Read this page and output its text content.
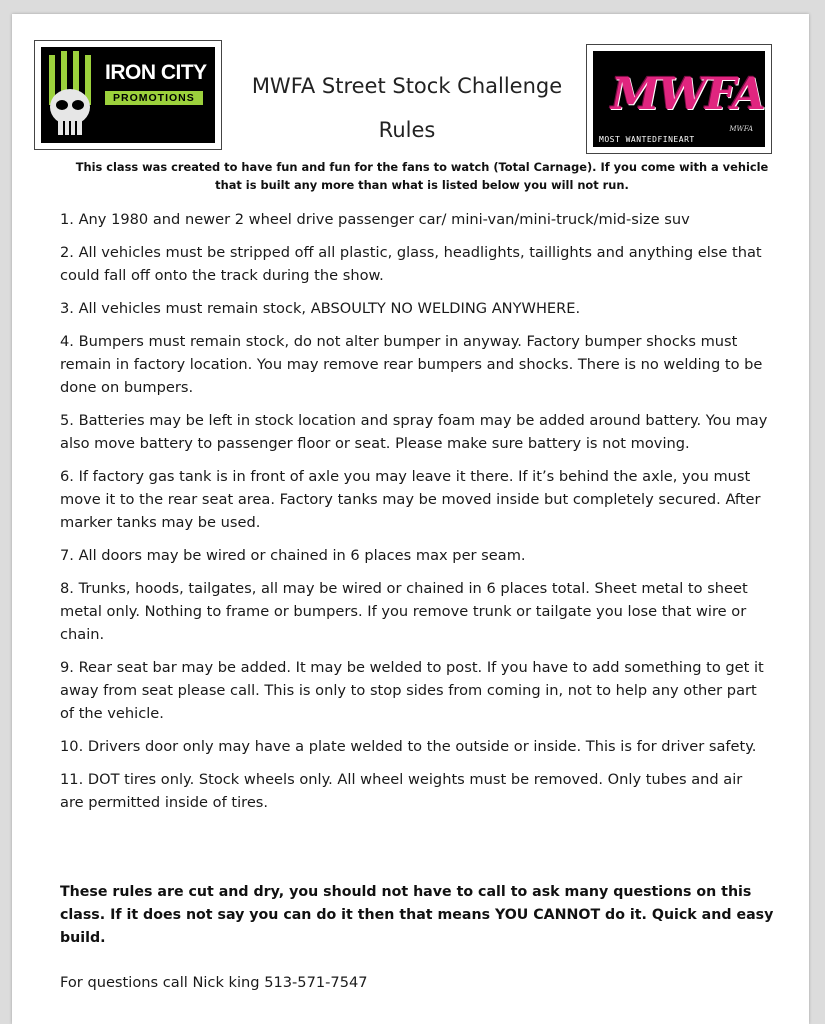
IRON CITY
PROMOTIONS	MWFA Street Stock Challenge
Rules
MWFA
MWFA
MOST WANTEDFINEART
This class was created to have fun and fun for the fans to watch (Total Carnage). If you come with a vehicle that is built any more than what is listed below you will not run.

1. Any 1980 and newer 2 wheel drive passenger car/ mini-van/mini-truck/mid-size suv

2. All vehicles must be stripped off all plastic, glass, headlights, taillights and anything else that could fall off onto the track during the show.

3. All vehicles must remain stock, ABSOULTY NO WELDING ANYWHERE.

4. Bumpers must remain stock, do not alter bumper in anyway. Factory bumper shocks must remain in factory location. You may remove rear bumpers and shocks. There is no welding to be done on bumpers.

5. Batteries may be left in stock location and spray foam may be added around battery. You may also move battery to passenger floor or seat. Please make sure battery is not moving.

6. If factory gas tank is in front of axle you may leave it there. If it’s behind the axle, you must move it to the rear seat area. Factory tanks may be moved inside but completely secured. After marker tanks may be used.

7. All doors may be wired or chained in 6 places max per seam.

8. Trunks, hoods, tailgates, all may be wired or chained in 6 places total. Sheet metal to sheet metal only. Nothing to frame or bumpers. If you remove trunk or tailgate you lose that wire or chain.

9. Rear seat bar may be added. It may be welded to post. If you have to add something to get it away from seat please call. This is only to stop sides from coming in, not to help any other part of the vehicle.

10. Drivers door only may have a plate welded to the outside or inside. This is for driver safety.

11. DOT tires only. Stock wheels only. All wheel weights must be removed. Only tubes and air are permitted inside of tires.

These rules are cut and dry, you should not have to call to ask many questions on this class. If it does not say you can do it then that means YOU CANNOT do it. Quick and easy build.
For questions call Nick king 513-571-7547
